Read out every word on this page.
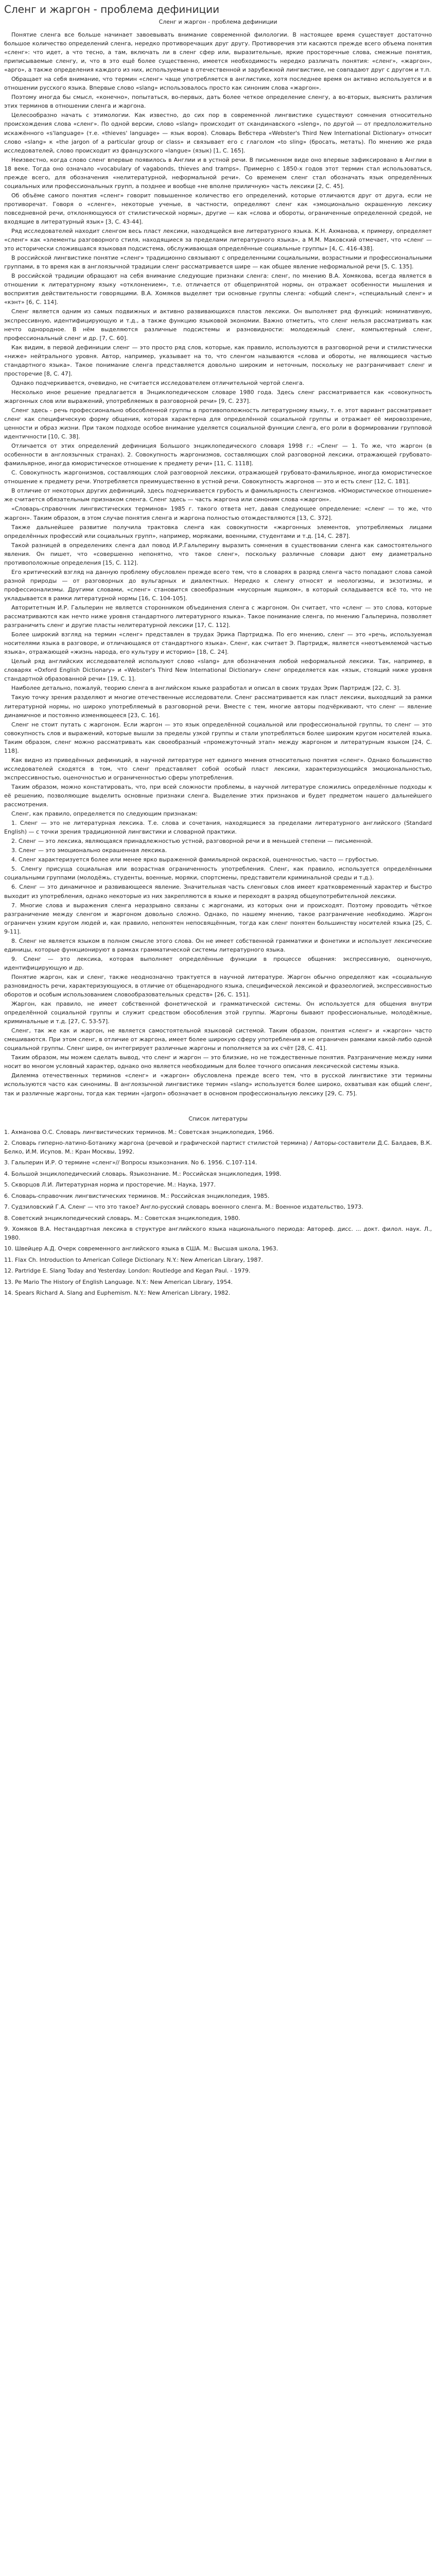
Сленг и жаргон - проблема дефиниции
Сленг и жаргон - проблема дефиниции

Понятие сленга все больше начинает завоевывать внимание современной филологии. В настоящее время существует достаточно большое количество определений сленга, нередко противоречащих друг другу. Противоречия эти касаются прежде всего объема понятия «сленг»: что идет, а что тесно, а там, включать ли в сленг сфер или, выразительные, яркие просторечные слова, смежные понятия, приписываемые сленгу, и, что в это ещё более существенно, имеется необходимость нередко различать понятия: «сленг», «жаргон», «арго», а также определения каждого из них, используемые в отечественной и зарубежной лингвистике, не совпадают друг с другом и т.п.

Обращает на себя внимание, что термин «сленг» чаще употребляется в англистике, хотя последнее время он активно используется и в отношении русского языка. Впервые слово «slang» использовалось просто как синоним слова «жаргон».

Поэтому иногда бы смысл, «конечно», попытаться, во-первых, дать более четкое определение сленгу, а во-вторых, выяснить различия этих терминов в отношении сленга и жаргона.

Целесообразно начать с этимологии. Как известно, до сих пор в современной лингвистике существуют сомнения относительно происхождения слова «сленг». По одной версии, слово «slang» происходит от скандинавского «sleng», по другой — от предположительно искажённого «s'language» (т.е. «thieves' language» — язык воров). Словарь Вебстера «Webster's Third New International Dictionary» относит слово «slang» к «the jargon of a particular group or class» и связывает его с глаголом «to sling» (бросать, метать). По мнению же ряда исследователей, слово происходит из французского «langue» (язык) [1, C. 165].

Неизвестно, когда слово сленг впервые появилось в Англии и в устной речи. В письменном виде оно впервые зафиксировано в Англии в 18 веке. Тогда оно означало «vocabulary of vagabonds, thieves and tramps». Примерно с 1850-х годов этот термин стал использоваться, прежде всего, для обозначения «нелитературной, неформальной речи». Со временем сленг стал обозначать язык определённых социальных или профессиональных групп, а позднее и вообще «не вполне приличную» часть лексики [2, С. 45].

Об объёме самого понятия «сленг» говорит повышенное количество его определений, которые отличаются друг от друга, если не противоречат. Говоря о «сленге», некоторые ученые, в частности, определяют сленг как «эмоционально окрашенную лексику повседневной речи, отклоняющуюся от стилистической нормы», другие — как «слова и обороты, ограниченные определенной средой, не входящие в литературный язык» [3, С. 43-44].

Ряд исследователей находит сленгом весь пласт лексики, находящейся вне литературного языка. К.Н. Ахманова, к примеру, определяет «сленг» как «элементы разговорного стиля, находящиеся за пределами литературного языка», а М.М. Маковский отмечает, что «сленг — это исторически сложившаяся языковая подсистема, обслуживающая определённые социальные группы» [4, С. 416-438].

В российской лингвистике понятие «сленг» традиционно связывают с определенными социальными, возрастными и профессиональными группами, в то время как в англоязычной традиции сленг рассматривается шире — как общее явление неформальной речи [5, С. 135].

В российской традиции обращают на себя внимание следующие признаки сленга: сленг, по мнению В.А. Хомякова, всегда является в отношении к литературному языку «отклонением», т.е. отличается от общепринятой нормы, он отражает особенности мышления и восприятия действительности говорящими. В.А. Хомяков выделяет три основные группы сленга: «общий сленг», «специальный сленг» и «кэнт» [6, С. 114].

Сленг является одним из самых подвижных и активно развивающихся пластов лексики. Он выполняет ряд функций: номинативную, экспрессивную, идентифицирующую и т.д., а также функцию языковой экономии. Важно отметить, что сленг нельзя рассматривать как нечто однородное. В нём выделяются различные подсистемы и разновидности: молодежный сленг, компьютерный сленг, профессиональный сленг и др. [7, С. 60].

Как видим, в первой дефиниции сленг — это просто ряд слов, которые, как правило, используются в разговорной речи и стилистически «ниже» нейтрального уровня. Автор, например, указывает на то, что сленгом называются «слова и обороты, не являющиеся частью стандартного языка». Такое понимание сленга представляется довольно широким и неточным, поскольку не разграничивает сленг и просторечие [8, С. 47].

Однако подчеркивается, очевидно, не считается исследователем отличительной чертой сленга.

Несколько иное решение предлагается в Энциклопедическом словаре 1980 года. Здесь сленг рассматривается как «совокупность жаргонных слов или выражений, употребляемых в разговорной речи» [9, С. 237].

Сленг здесь - речь профессионально обособленной группы в противоположность литературному языку, т. е. этот вариант рассматривает сленг как специфическую форму общения, которая характерна для определённой социальной группы и отражает её мировоззрение, ценности и образ жизни. При таком подходе особое внимание уделяется социальной функции сленга, его роли в формировании групповой идентичности [10, С. 38].

Отличается от этих определений дефиниция Большого энциклопедического словаря 1998 г.: «Сленг — 1. То же, что жаргон (в особенности в англоязычных странах). 2. Совокупность жаргонизмов, составляющих слой разговорной лексики, отражающей грубовато-фамильярное, иногда юмористическое отношение к предмету речи» [11, С. 1118].

С. Совокупность жаргонизмов, составляющих слой разговорной лексики, отражающей грубовато-фамильярное, иногда юмористическое отношение к предмету речи. Употребляется преимущественно в устной речи. Совокупность жаргонов — это и есть сленг [12, С. 181].

В отличие от некоторых других дефиниций, здесь подчеркивается грубость и фамильярность сленгизмов. «Юмористическое отношение» же считается обязательным признаком сленга. Сленг здесь — часть жаргона или синоним слова «жаргон».

«Словарь-справочник лингвистических терминов» 1985 г. такого ответа нет, давая следующее определение: «сленг — то же, что жаргон». Таким образом, в этом случае понятия сленга и жаргона полностью отождествляются [13, С. 372].

Также дальнейшее развитие получила трактовка сленга как совокупности «жаргонных элементов, употребляемых лицами определённых профессий или социальных групп», например, моряками, военными, студентами и т.д. [14, С. 287].

Такой разницей в определениях сленга дал повод И.Р.Гальперину выразить сомнения в существовании сленга как самостоятельного явления. Он пишет, что «совершенно непонятно, что такое сленг», поскольку различные словари дают ему диаметрально противоположные определения [15, С. 112].

Его критический взгляд на данную проблему обусловлен прежде всего тем, что в словарях в разряд сленга часто попадают слова самой разной природы — от разговорных до вульгарных и диалектных. Нередко к сленгу относят и неологизмы, и экзотизмы, и профессионализмы. Другими словами, «сленг» становится своеобразным «мусорным ящиком», в который складывается всё то, что не укладывается в рамки литературной нормы [16, C. 104-105].

Авторитетным И.Р. Гальперин не является сторонником объединения сленга с жаргоном. Он считает, что «сленг — это слова, которые рассматриваются как нечто ниже уровня стандартного литературного языка». Такое понимание сленга, по мнению Гальперина, позволяет разграничить сленг и другие пласты нелитературной лексики [17, С. 112].

Более широкий взгляд на термин «сленг» представлен в трудах Эрика Партриджа. По его мнению, сленг — это «речь, используемая носителями языка в разговоре, и отличающаяся от стандартного языка». Сленг, как считает Э. Партридж, является «неотъемлемой частью языка», отражающей «жизнь народа, его культуру и историю» [18, С. 24].

Целый ряд английских исследователей используют слово «slang» для обозначения любой неформальной лексики. Так, например, в словарях «Oxford English Dictionary» и «Webster's Third New International Dictionary» сленг определяется как «язык, стоящий ниже уровня стандартной образованной речи» [19, С. 1].

Наиболее детально, пожалуй, теорию сленга в английском языке разработал и описал в своих трудах Эрик Партридж [22, С. 3].

Такую точку зрения разделяют и многие отечественные исследователи. Сленг рассматривается как пласт лексики, выходящий за рамки литературной нормы, но широко употребляемый в разговорной речи. Вместе с тем, многие авторы подчёркивают, что сленг — явление динамичное и постоянно изменяющееся [23, С. 16].

Сленг не стоит путать с жаргоном. Если жаргон — это язык определённой социальной или профессиональной группы, то сленг — это совокупность слов и выражений, которые вышли за пределы узкой группы и стали употребляться более широким кругом носителей языка. Таким образом, сленг можно рассматривать как своеобразный «промежуточный этап» между жаргоном и литературным языком [24, С. 118].

Как видно из приведённых дефиниций, в научной литературе нет единого мнения относительно понятия «сленг». Однако большинство исследователей сходятся в том, что сленг представляет собой особый пласт лексики, характеризующийся эмоциональностью, экспрессивностью, оценочностью и ограниченностью сферы употребления.

Таким образом, можно констатировать, что, при всей сложности проблемы, в научной литературе сложились определённые подходы к её решению, позволяющие выделить основные признаки сленга. Выделение этих признаков и будет предметом нашего дальнейшего рассмотрения.

Сленг, как правило, определяется по следующим признакам:

1. Сленг — это не литературная лексика. Т.е. слова и сочетания, находящиеся за пределами литературного английского (Standard English) — с точки зрения традиционной лингвистики и словарной практики.

2. Сленг — это лексика, являющаяся принадлежностью устной, разговорной речи и в меньшей степени — письменной.

3. Сленг — это эмоционально окрашенная лексика.

4. Сленг характеризуется более или менее ярко выраженной фамильярной окраской, оценочностью, часто — грубостью.

5. Сленгу присуща социальная или возрастная ограниченность употребления. Сленг, как правило, используется определёнными социальными группами (молодёжь, студенты, военные, моряки, спортсмены, представители криминальной среды и т.д.).

6. Сленг — это динамичное и развивающееся явление. Значительная часть сленговых слов имеет кратковременный характер и быстро выходит из употребления, однако некоторые из них закрепляются в языке и переходят в разряд общеупотребительной лексики.

7. Многие слова и выражения сленга неразрывно связаны с жаргонами, из которых они и происходят. Поэтому проводить чёткое разграничение между сленгом и жаргоном довольно сложно. Однако, по нашему мнению, такое разграничение необходимо. Жаргон ограничен узким кругом людей и, как правило, непонятен непосвящённым, тогда как сленг понятен большинству носителей языка [25, С. 9-11].

8. Сленг не является языком в полном смысле этого слова. Он не имеет собственной грамматики и фонетики и использует лексические единицы, которые функционируют в рамках грамматической системы литературного языка.

9. Сленг — это лексика, которая выполняет определённые функции в процессе общения: экспрессивную, оценочную, идентифицирующую и др.

Понятие жаргон, как и сленг, также неоднозначно трактуется в научной литературе. Жаргон обычно определяют как «социальную разновидность речи, характеризующуюся, в отличие от общенародного языка, специфической лексикой и фразеологией, экспрессивностью оборотов и особым использованием словообразовательных средств» [26, С. 151].

Жаргон, как правило, не имеет собственной фонетической и грамматической системы. Он используется для общения внутри определённой социальной группы и служит средством обособления этой группы. Жаргоны бывают профессиональные, молодёжные, криминальные и т.д. [27, С. 53-57].

Сленг, так же как и жаргон, не является самостоятельной языковой системой. Таким образом, понятия «сленг» и «жаргон» часто смешиваются. При этом сленг, в отличие от жаргона, имеет более широкую сферу употребления и не ограничен рамками какой-либо одной социальной группы. Сленг шире, он интегрирует различные жаргоны и пополняется за их счёт [28, С. 41].

Таким образом, мы можем сделать вывод, что сленг и жаргон — это близкие, но не тождественные понятия. Разграничение между ними носит во многом условный характер, однако оно является необходимым для более точного описания лексической системы языка.

Дилемма отечественных терминов «сленг» и «жаргон» обусловлена прежде всего тем, что в русской лингвистике эти термины используются часто как синонимы. В англоязычной лингвистике термин «slang» используется более широко, охватывая как общий сленг, так и различные жаргоны, тогда как термин «jargon» обозначает в основном профессиональную лексику [29, С. 75].

Список литературы
1. Ахманова О.С. Словарь лингвистических терминов. М.: Советская энциклопедия, 1966.
2. Словарь гиперно-латино-Ботанику жаргона (речевой и графической партист стилистой термина) / Авторы-составители Д.С. Балдаев, В.К. Белко, И.М. Исупов. М.: Кран Москвы, 1992.
3. Гальперин И.Р. О термине «сленг»// Вопросы языкознания. No 6. 1956. С.107-114.
4. Большой энциклопедический словарь. Языкознание. М.: Российская энциклопедия, 1998.
5. Скворцов Л.И. Литературная норма и просторечие. М.: Наука, 1977.
6. Словарь-справочник лингвистических терминов. М.: Российская энциклопедия, 1985.
7. Судзиловский Г.А. Сленг — что это такое? Англо-русский словарь военного сленга. М.: Военное издательство, 1973.
8. Советский энциклопедический словарь. М.: Советская энциклопедия, 1980.
9. Хомяков В.А. Нестандартная лексика в структуре английского языка национального периода: Автореф. дисс. ... докт. филол. наук. Л., 1980.
10. Швейцер А.Д. Очерк современного английского языка в США. М.: Высшая школа, 1963.
11. Flax Ch. Introduction to American College Dictionary. N.Y.: New American Library, 1987.
12. Partridge E. Slang Today and Yesterday. London: Routledge and Kegan Paul. - 1979.
13. Pe Mario The History of English Language. N.Y.: New American Library, 1954.
14. Spears Richard A. Slang and Euphemism. N.Y.: New American Library, 1982.
